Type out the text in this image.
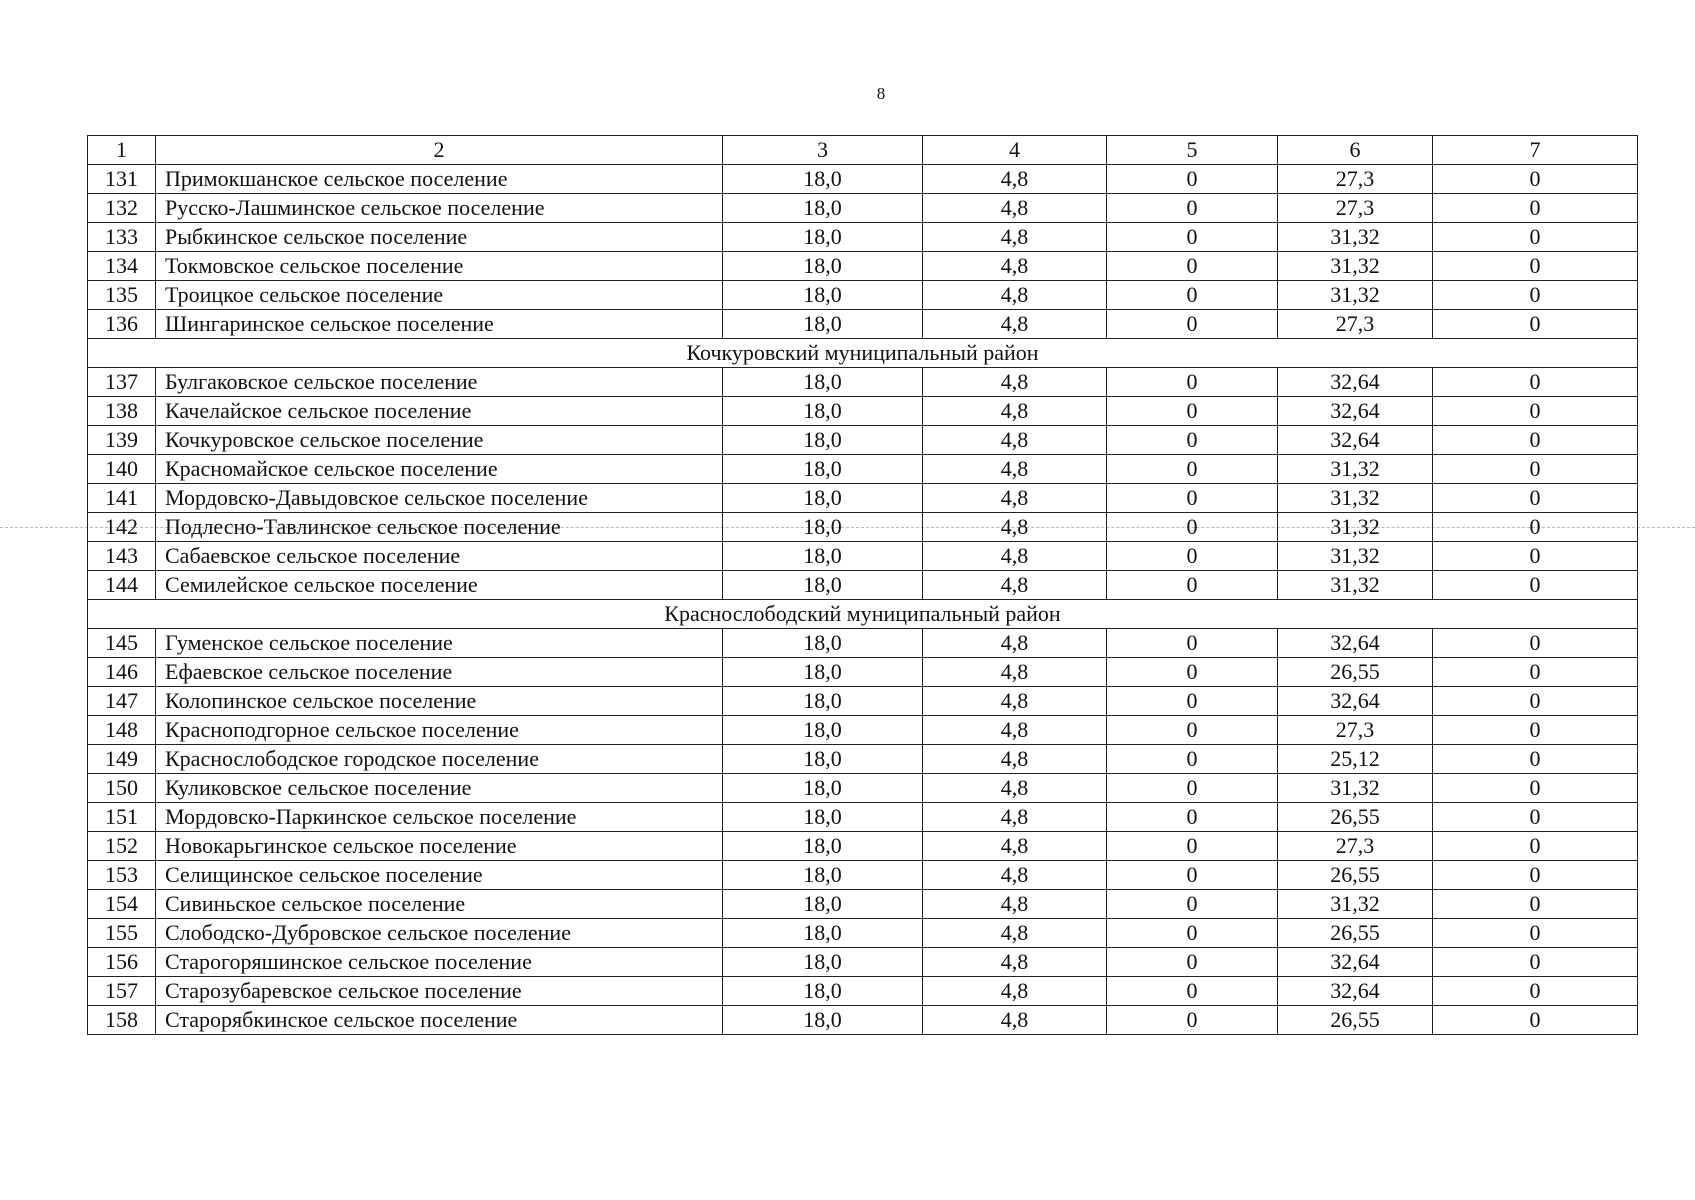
8
1	2	3	4	5	6	7
131	Примокшанское сельское поселение	18,0	4,8	0	27,3	0
132	Русско-Лашминское сельское поселение	18,0	4,8	0	27,3	0
133	Рыбкинское сельское поселение	18,0	4,8	0	31,32	0
134	Токмовское сельское поселение	18,0	4,8	0	31,32	0
135	Троицкое сельское поселение	18,0	4,8	0	31,32	0
136	Шингаринское сельское поселение	18,0	4,8	0	27,3	0
Кочкуровский муниципальный район						
137	Булгаковское сельское поселение	18,0	4,8	0	32,64	0
138	Качелайское сельское поселение	18,0	4,8	0	32,64	0
139	Кочкуровское сельское поселение	18,0	4,8	0	32,64	0
140	Красномайское сельское поселение	18,0	4,8	0	31,32	0
141	Мордовско-Давыдовское сельское поселение	18,0	4,8	0	31,32	0
142	Подлесно-Тавлинское сельское поселение	18,0	4,8	0	31,32	0
143	Сабаевское сельское поселение	18,0	4,8	0	31,32	0
144	Семилейское сельское поселение	18,0	4,8	0	31,32	0
Краснослободский муниципальный район						
145	Гуменское сельское поселение	18,0	4,8	0	32,64	0
146	Ефаевское сельское поселение	18,0	4,8	0	26,55	0
147	Колопинское сельское поселение	18,0	4,8	0	32,64	0
148	Красноподгорное сельское поселение	18,0	4,8	0	27,3	0
149	Краснослободское городское поселение	18,0	4,8	0	25,12	0
150	Куликовское сельское поселение	18,0	4,8	0	31,32	0
151	Мордовско-Паркинское сельское поселение	18,0	4,8	0	26,55	0
152	Новокарьгинское сельское поселение	18,0	4,8	0	27,3	0
153	Селищинское сельское поселение	18,0	4,8	0	26,55	0
154	Сивиньское сельское поселение	18,0	4,8	0	31,32	0
155	Слободско-Дубровское сельское поселение	18,0	4,8	0	26,55	0
156	Старогоряшинское сельское поселение	18,0	4,8	0	32,64	0
157	Старозубаревское сельское поселение	18,0	4,8	0	32,64	0
158	Старорябкинское сельское поселение	18,0	4,8	0	26,55	0
